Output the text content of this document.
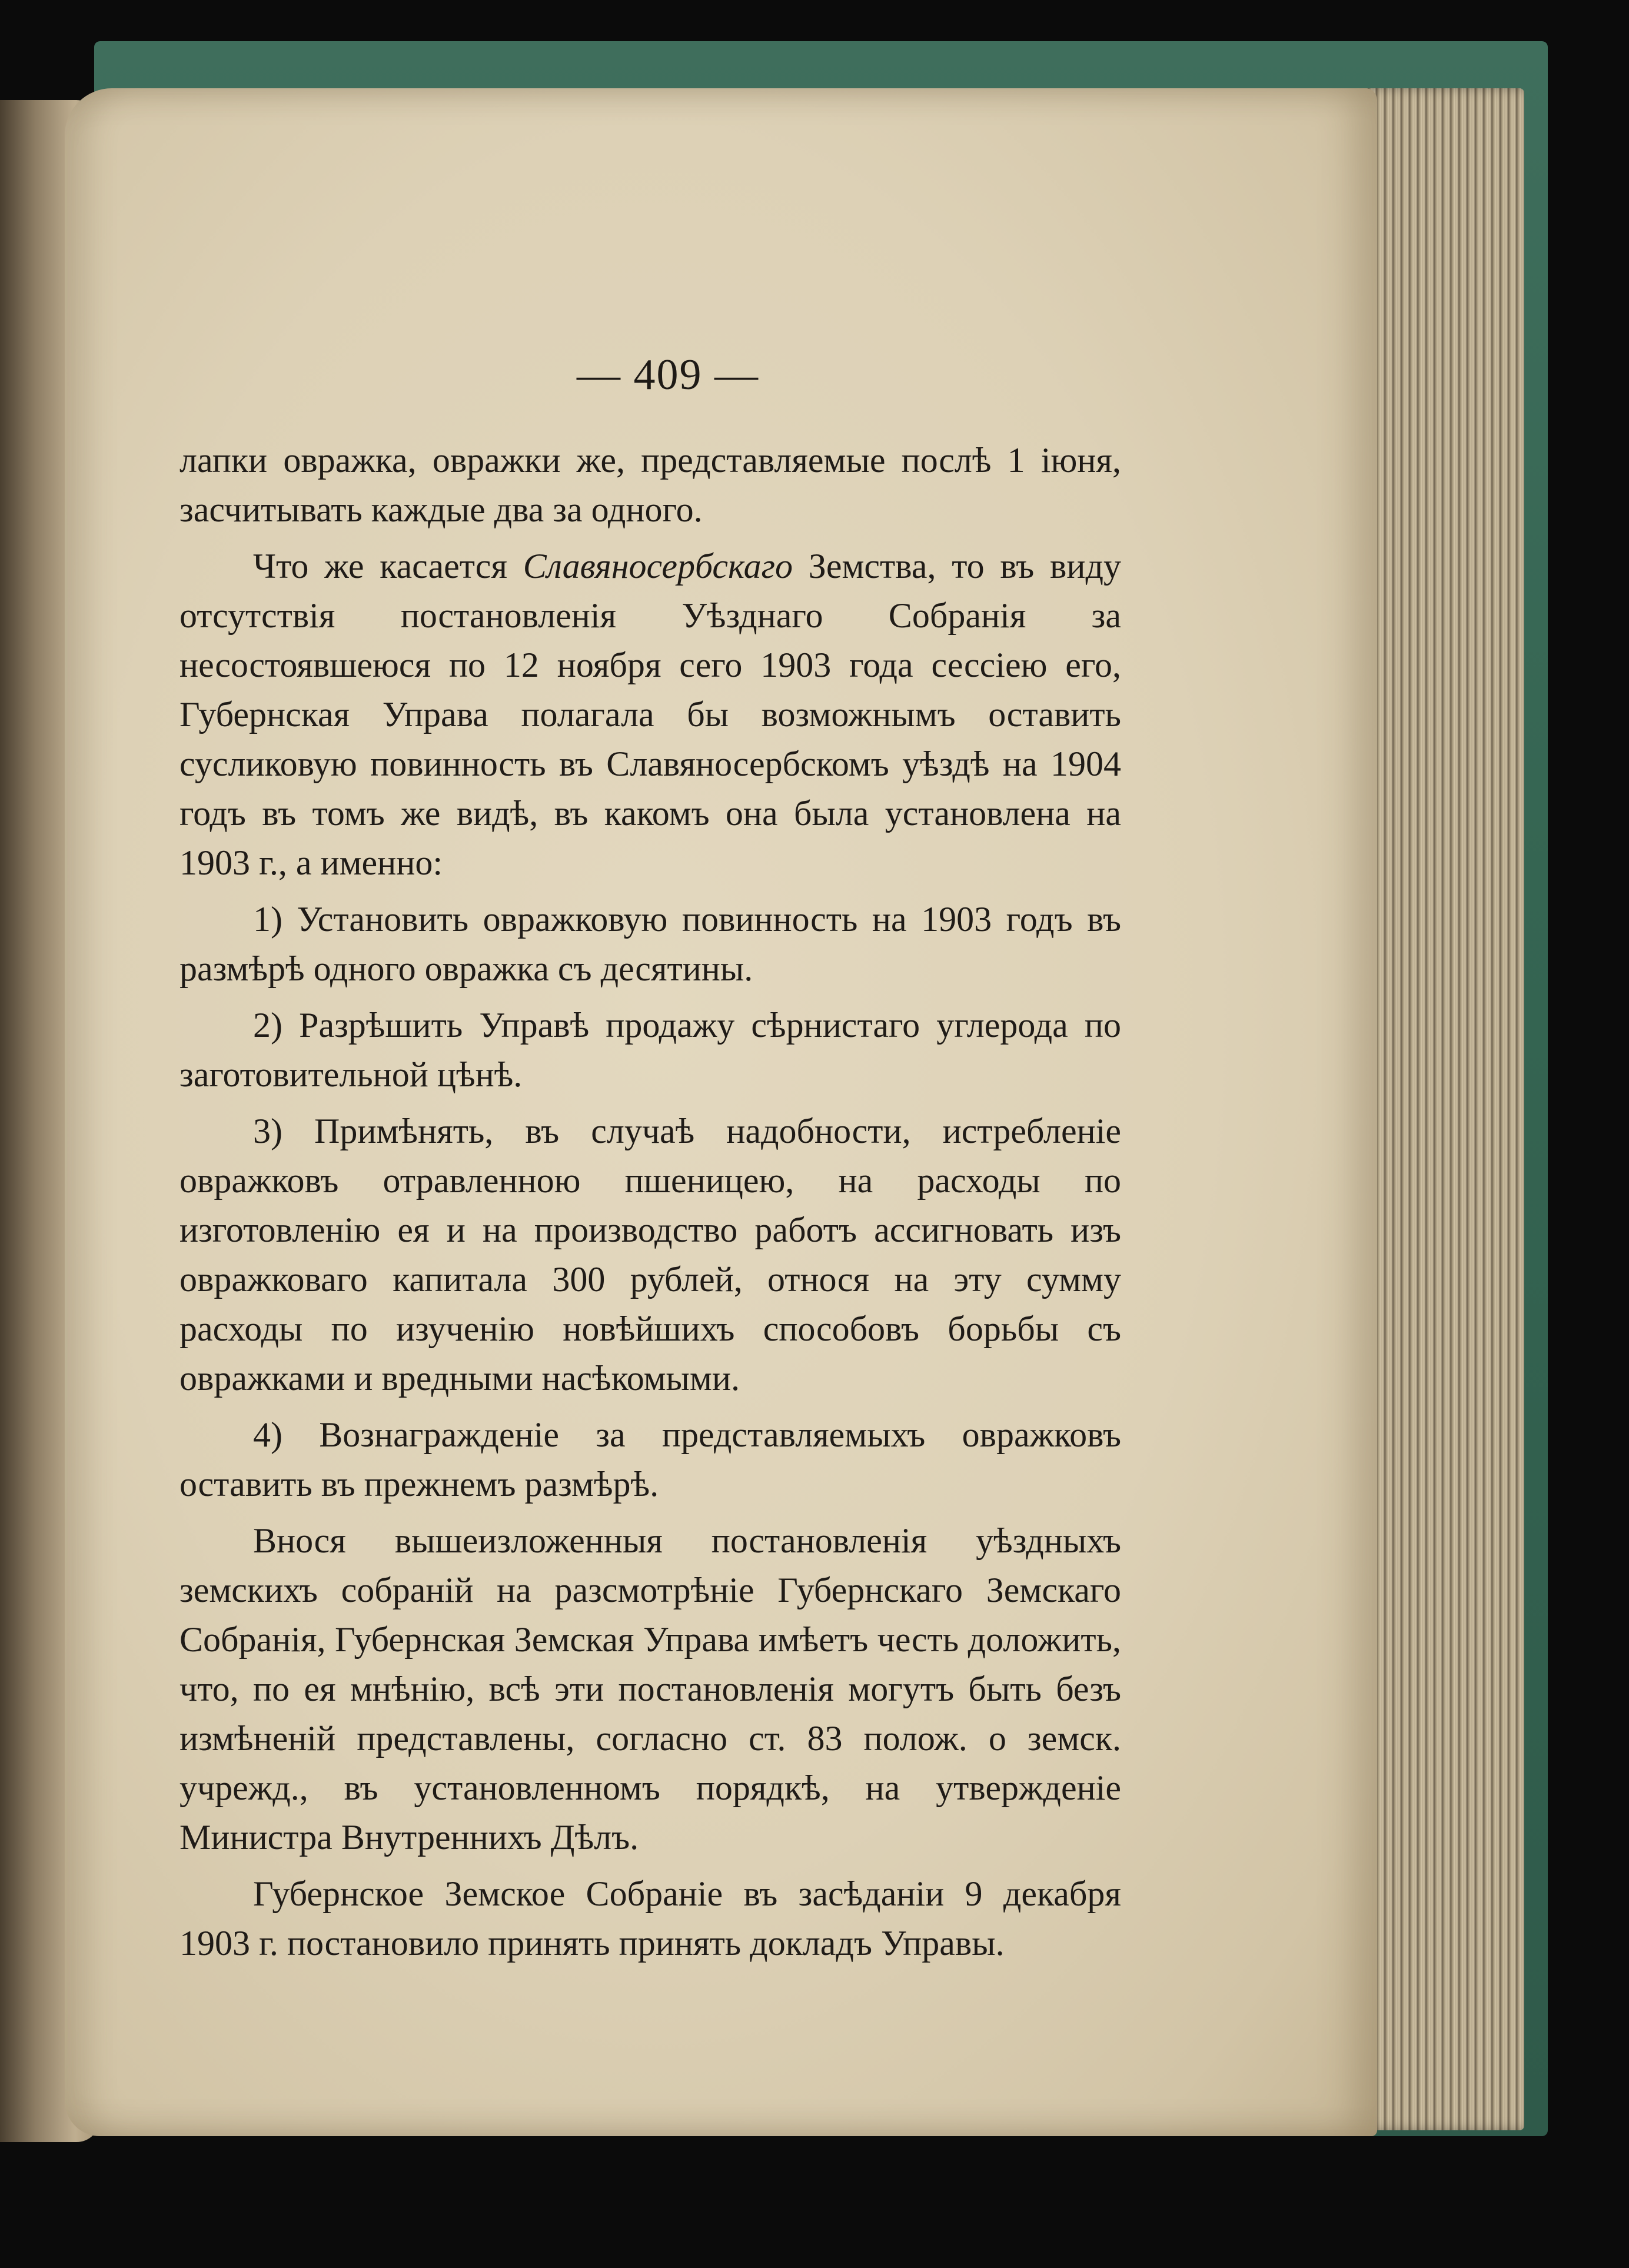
— 409 —

лапки овражка, овражки же, представляемые послѣ 1 іюня, засчитывать каждые два за одного.

Что же касается Славяносербскаго Земства, то въ виду отсутствія постановленія Уѣзднаго Собранія за несостоявшеюся по 12 ноября сего 1903 года сессіею его, Губернская Управа полагала бы возможнымъ оставить сусликовую повинность въ Славяносербскомъ уѣздѣ на 1904 годъ въ томъ же видѣ, въ какомъ она была установлена на 1903 г., а именно:

1) Установить овражковую повинность на 1903 годъ въ размѣрѣ одного овражка съ десятины.

2) Разрѣшить Управѣ продажу сѣрнистаго углерода по заготовительной цѣнѣ.

3) Примѣнять, въ случаѣ надобности, истребленіе овражковъ отравленною пшеницею, на расходы по изготовленію ея и на производство работъ ассигновать изъ овражковаго капитала 300 рублей, относя на эту сумму расходы по изученію новѣйшихъ способовъ борьбы съ овражками и вредными насѣкомыми.

4) Вознагражденіе за представляемыхъ овражковъ оставить въ прежнемъ размѣрѣ.

Внося вышеизложенныя постановленія уѣздныхъ земскихъ собраній на разсмотрѣніе Губернскаго Земскаго Собранія, Губернская Земская Управа имѣетъ честь доложить, что, по ея мнѣнію, всѣ эти постановленія могутъ быть безъ измѣненій представлены, согласно ст. 83 полож. о земск. учрежд., въ установленномъ порядкѣ, на утвержденіе Министра Внутреннихъ Дѣлъ.

Губернское Земское Собраніе въ засѣданіи 9 декабря 1903 г. постановило принять принять докладъ Управы.
